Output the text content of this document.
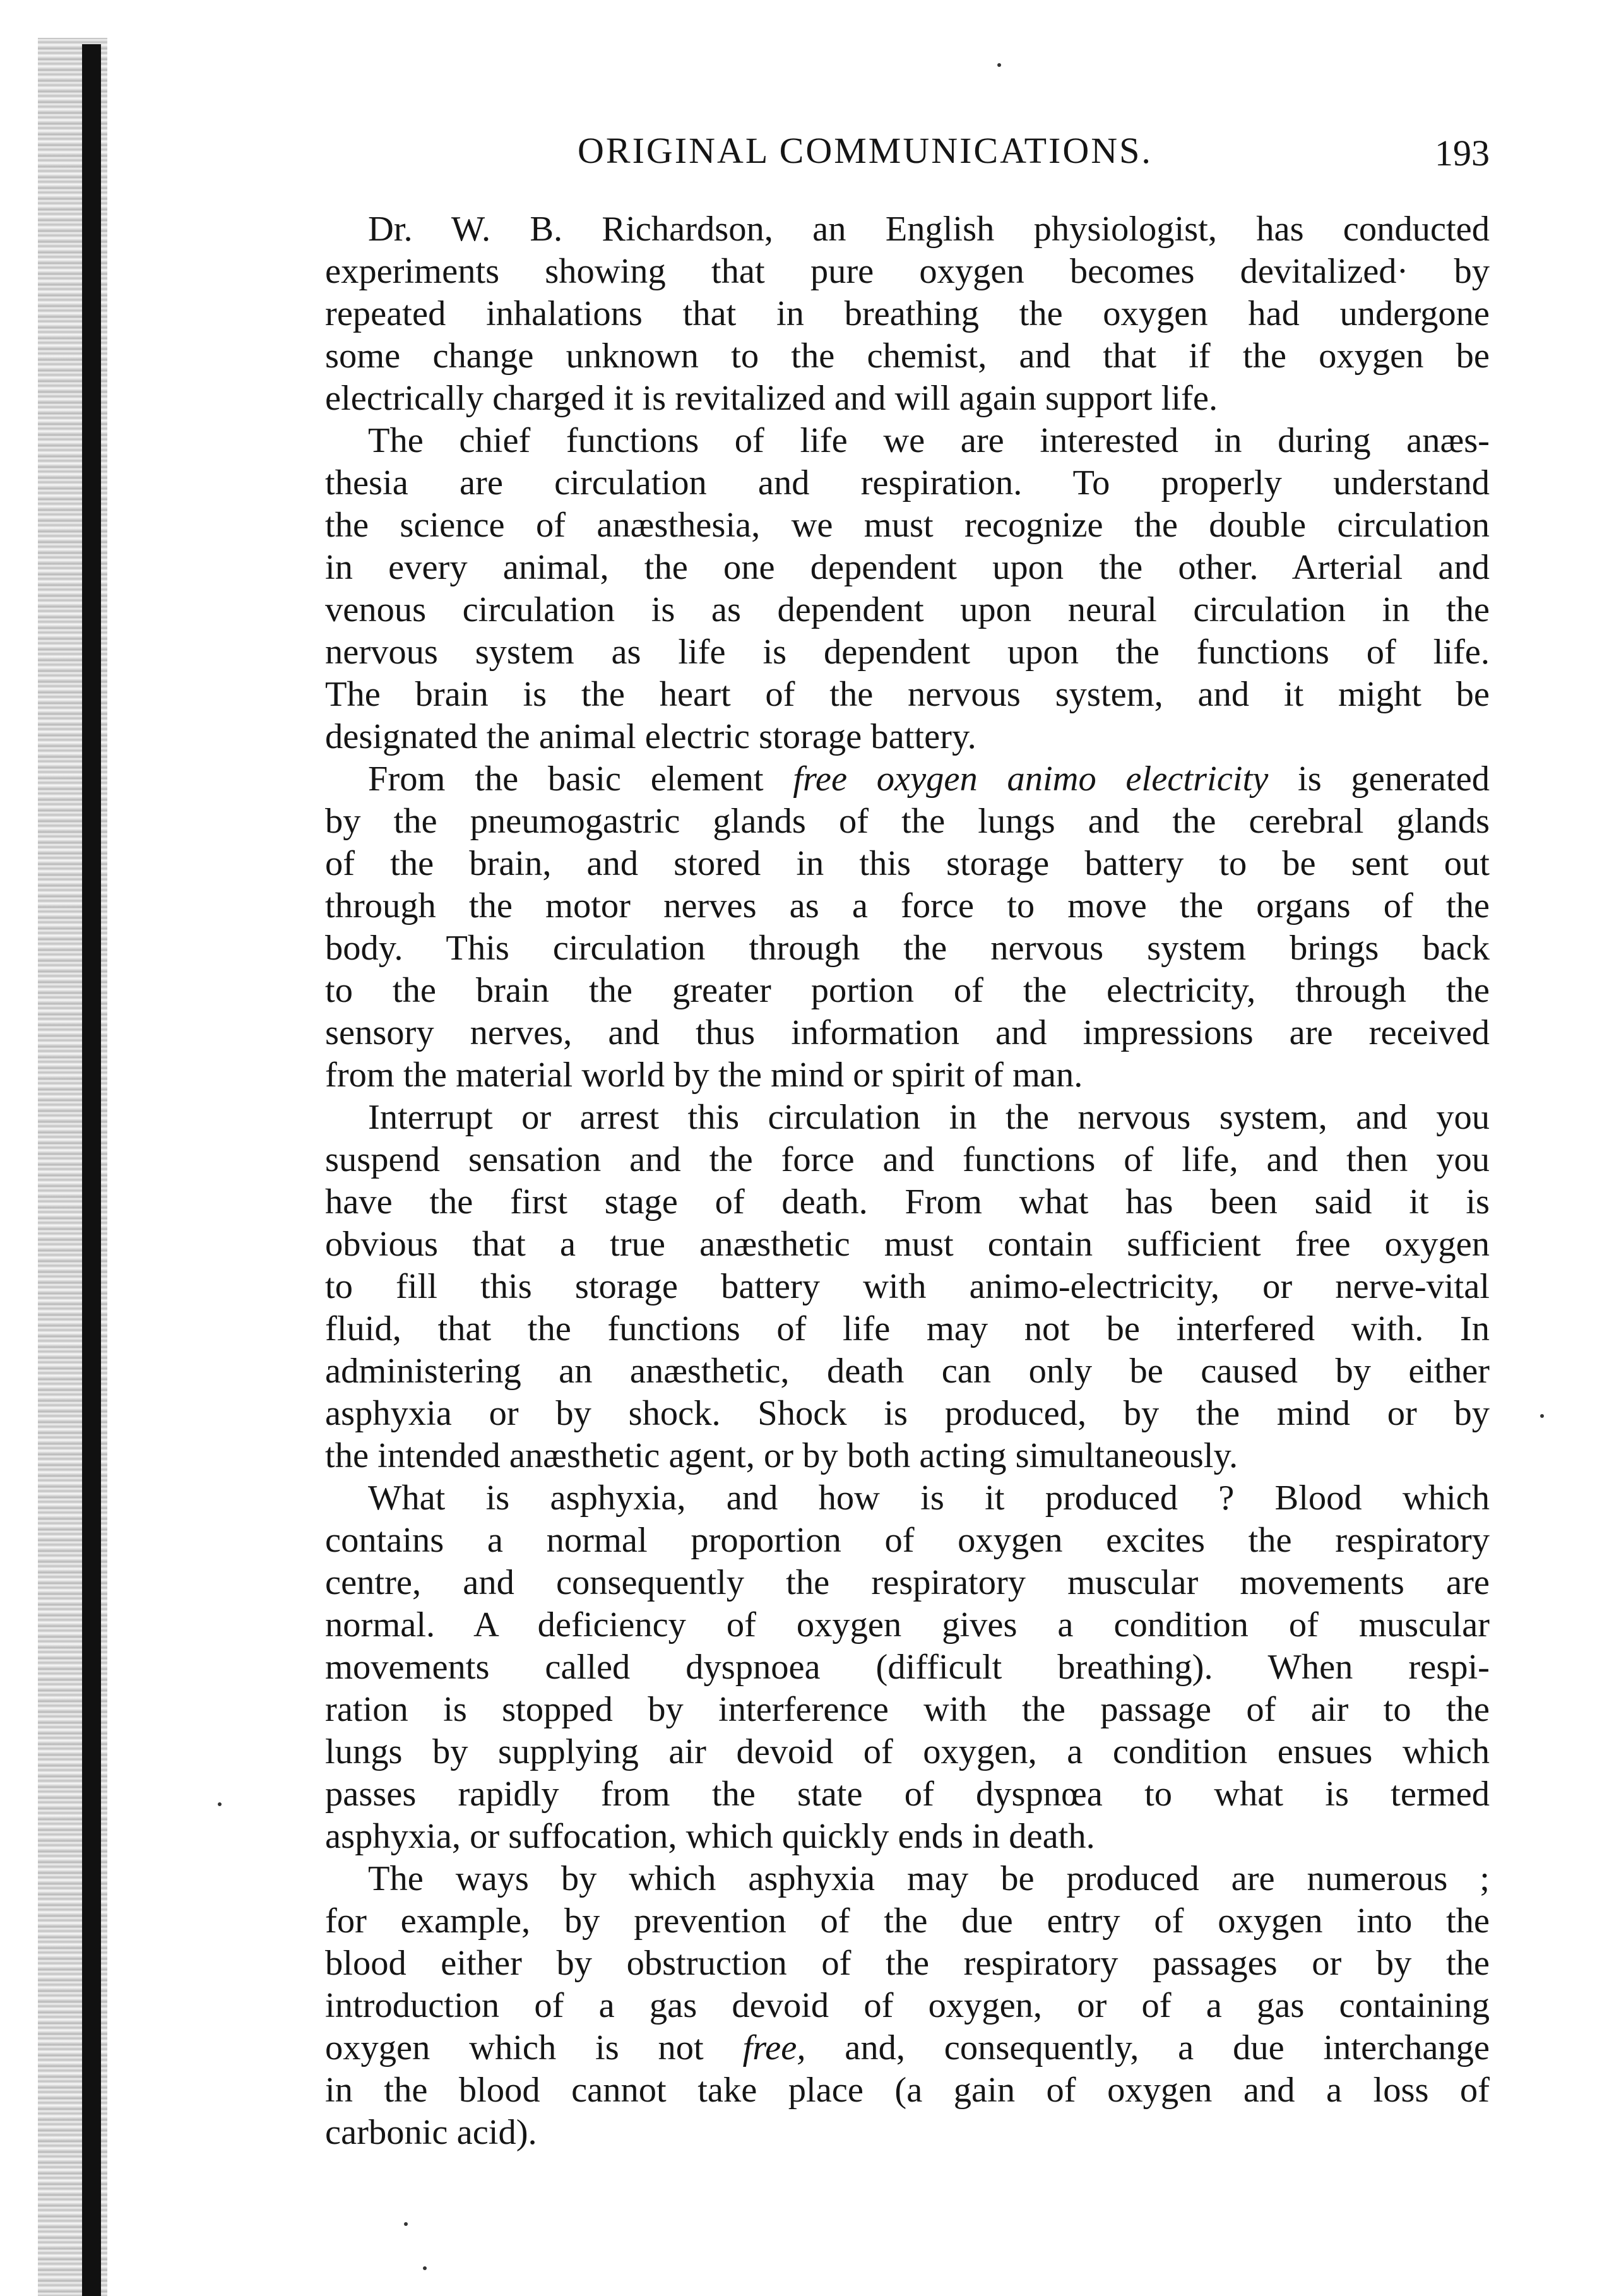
ORIGINAL COMMUNICATIONS.	193
Dr. W. B. Richardson, an English physiologist, has conducted
experiments showing that pure oxygen becomes devitalized· by
repeated inhalations that in breathing the oxygen had undergone
some change unknown to the chemist, and that if the oxygen be
electrically charged it is revitalized and will again support life.
The chief functions of life we are interested in during anæs-
thesia are circulation and respiration. To properly understand
the science of anæsthesia, we must recognize the double circulation
in every animal, the one dependent upon the other. Arterial and
venous circulation is as dependent upon neural circulation in the
nervous system as life is dependent upon the functions of life.
The brain is the heart of the nervous system, and it might be
designated the animal electric storage battery.
From the basic element free oxygen animo electricity is generated
by the pneumogastric glands of the lungs and the cerebral glands
of the brain, and stored in this storage battery to be sent out
through the motor nerves as a force to move the organs of the
body. This circulation through the nervous system brings back
to the brain the greater portion of the electricity, through the
sensory nerves, and thus information and impressions are received
from the material world by the mind or spirit of man.
Interrupt or arrest this circulation in the nervous system, and you
suspend sensation and the force and functions of life, and then you
have the first stage of death. From what has been said it is
obvious that a true anæsthetic must contain sufficient free oxygen
to fill this storage battery with animo-electricity, or nerve-vital
fluid, that the functions of life may not be interfered with. In
administering an anæsthetic, death can only be caused by either
asphyxia or by shock. Shock is produced, by the mind or by
the intended anæsthetic agent, or by both acting simultaneously.
What is asphyxia, and how is it produced ? Blood which
contains a normal proportion of oxygen excites the respiratory
centre, and consequently the respiratory muscular movements are
normal. A deficiency of oxygen gives a condition of muscular
movements called dyspnoea (difficult breathing). When respi-
ration is stopped by interference with the passage of air to the
lungs by supplying air devoid of oxygen, a condition ensues which
passes rapidly from the state of dyspnœa to what is termed
asphyxia, or suffocation, which quickly ends in death.
The ways by which asphyxia may be produced are numerous ;
for example, by prevention of the due entry of oxygen into the
blood either by obstruction of the respiratory passages or by the
introduction of a gas devoid of oxygen, or of a gas containing
oxygen which is not free, and, consequently, a due interchange
in the blood cannot take place (a gain of oxygen and a loss of
carbonic acid).
